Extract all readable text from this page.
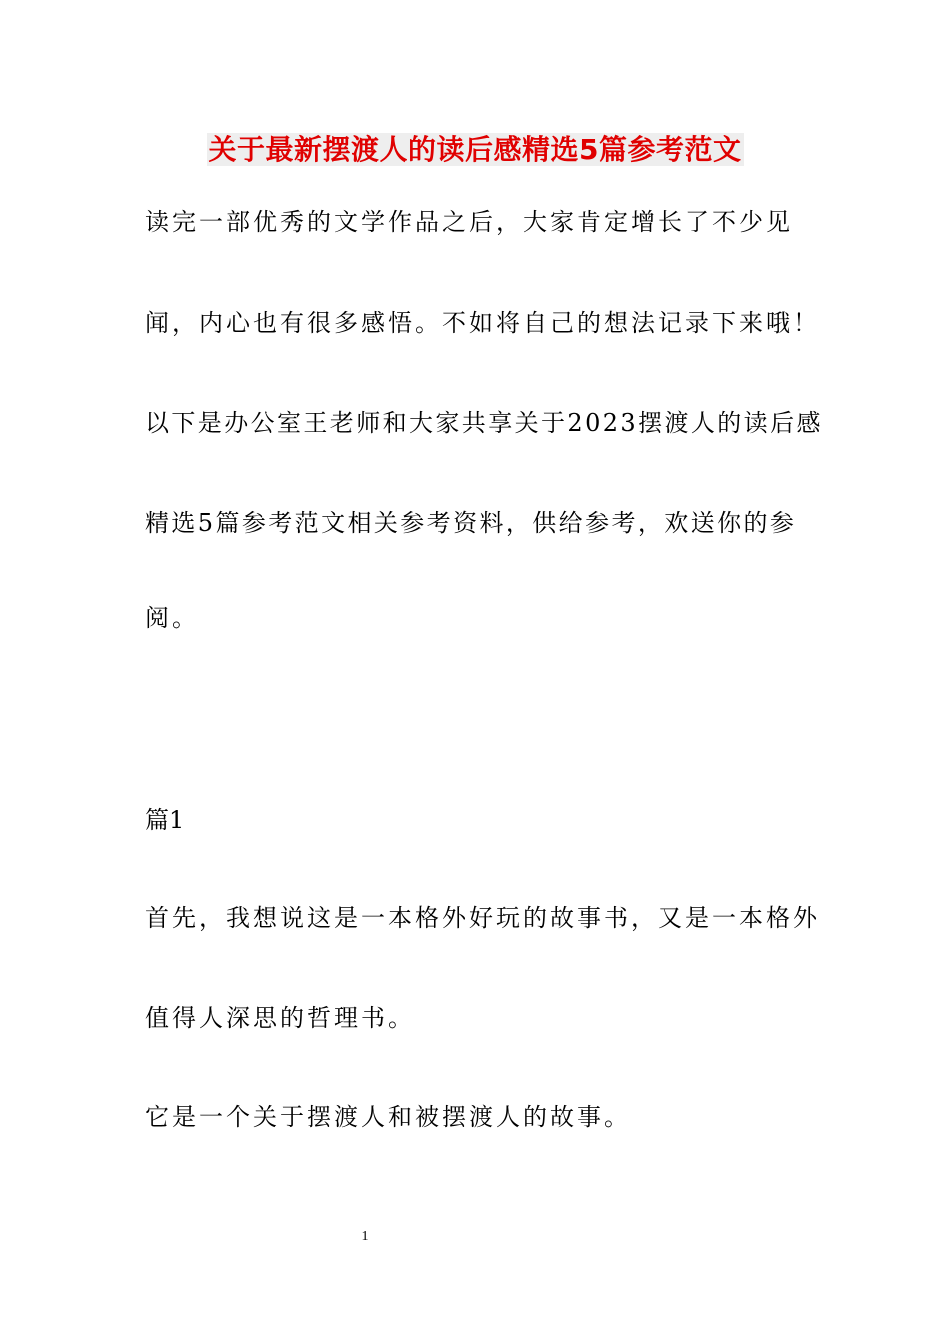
关于最新摆渡人的读后感精选5篇参考范文
读完一部优秀的文学作品之后，大家肯定增长了不少见
闻，内心也有很多感悟。不如将自己的想法记录下来哦！
以下是办公室王老师和大家共享关于2023摆渡人的读后感
精选5篇参考范文相关参考资料，供给参考，欢送你的参
阅。
篇1
首先，我想说这是一本格外好玩的故事书，又是一本格外
值得人深思的哲理书。
它是一个关于摆渡人和被摆渡人的故事。
1
